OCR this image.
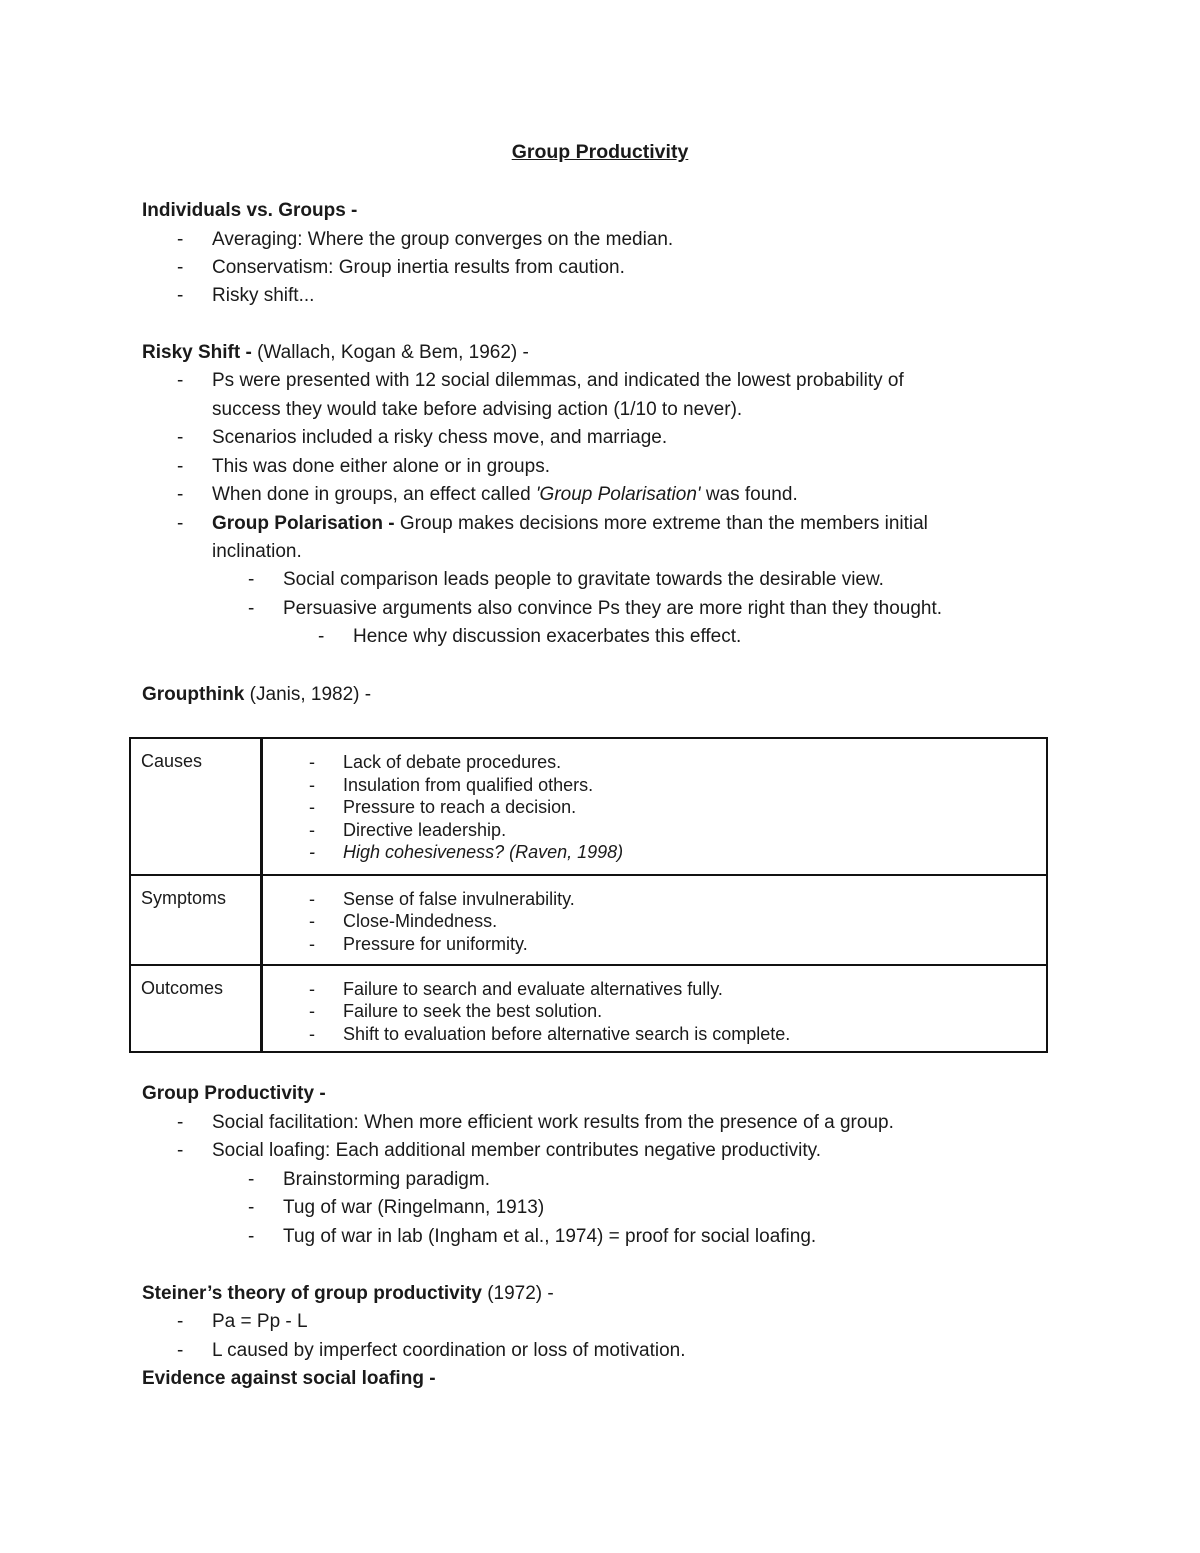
Group Productivity
Individuals vs. Groups -
- Averaging: Where the group converges on the median.
- Conservatism: Group inertia results from caution.
- Risky shift...
Risky Shift - (Wallach, Kogan & Bem, 1962) -
- Ps were presented with 12 social dilemmas, and indicated the lowest probability of
success they would take before advising action (1/10 to never).
- Scenarios included a risky chess move, and marriage.
- This was done either alone or in groups.
- When done in groups, an effect called 'Group Polarisation' was found.
- Group Polarisation - Group makes decisions more extreme than the members initial
inclination.
- Social comparison leads people to gravitate towards the desirable view.
- Persuasive arguments also convince Ps they are more right than they thought.
- Hence why discussion exacerbates this effect.
Groupthink (Janis, 1982) -
Causes	- Lack of debate procedures.
- Insulation from qualified others.
- Pressure to reach a decision.
- Directive leadership.
- High cohesiveness? (Raven, 1998)
Symptoms	- Sense of false invulnerability.
- Close-Mindedness.
- Pressure for uniformity.
Outcomes	- Failure to search and evaluate alternatives fully.
- Failure to seek the best solution.
- Shift to evaluation before alternative search is complete.
Group Productivity -
- Social facilitation: When more efficient work results from the presence of a group.
- Social loafing: Each additional member contributes negative productivity.
- Brainstorming paradigm.
- Tug of war (Ringelmann, 1913)
- Tug of war in lab (Ingham et al., 1974) = proof for social loafing.
Steiner’s theory of group productivity (1972) -
- Pa = Pp - L
- L caused by imperfect coordination or loss of motivation.
Evidence against social loafing -
